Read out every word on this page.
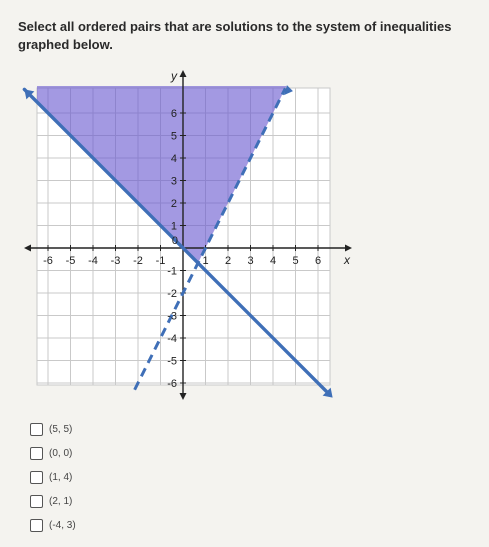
Select all ordered pairs that are solutions to the system of inequalities graphed below.
-6 -5 -4 -3 -2 -1	1 2 3 4 5 6
-6
-5
-4
-3
-2
-1
1
2
3
4
5
6
0
y
x
(5, 5)
(0, 0)
(1, 4)
(2, 1)
(-4, 3)
